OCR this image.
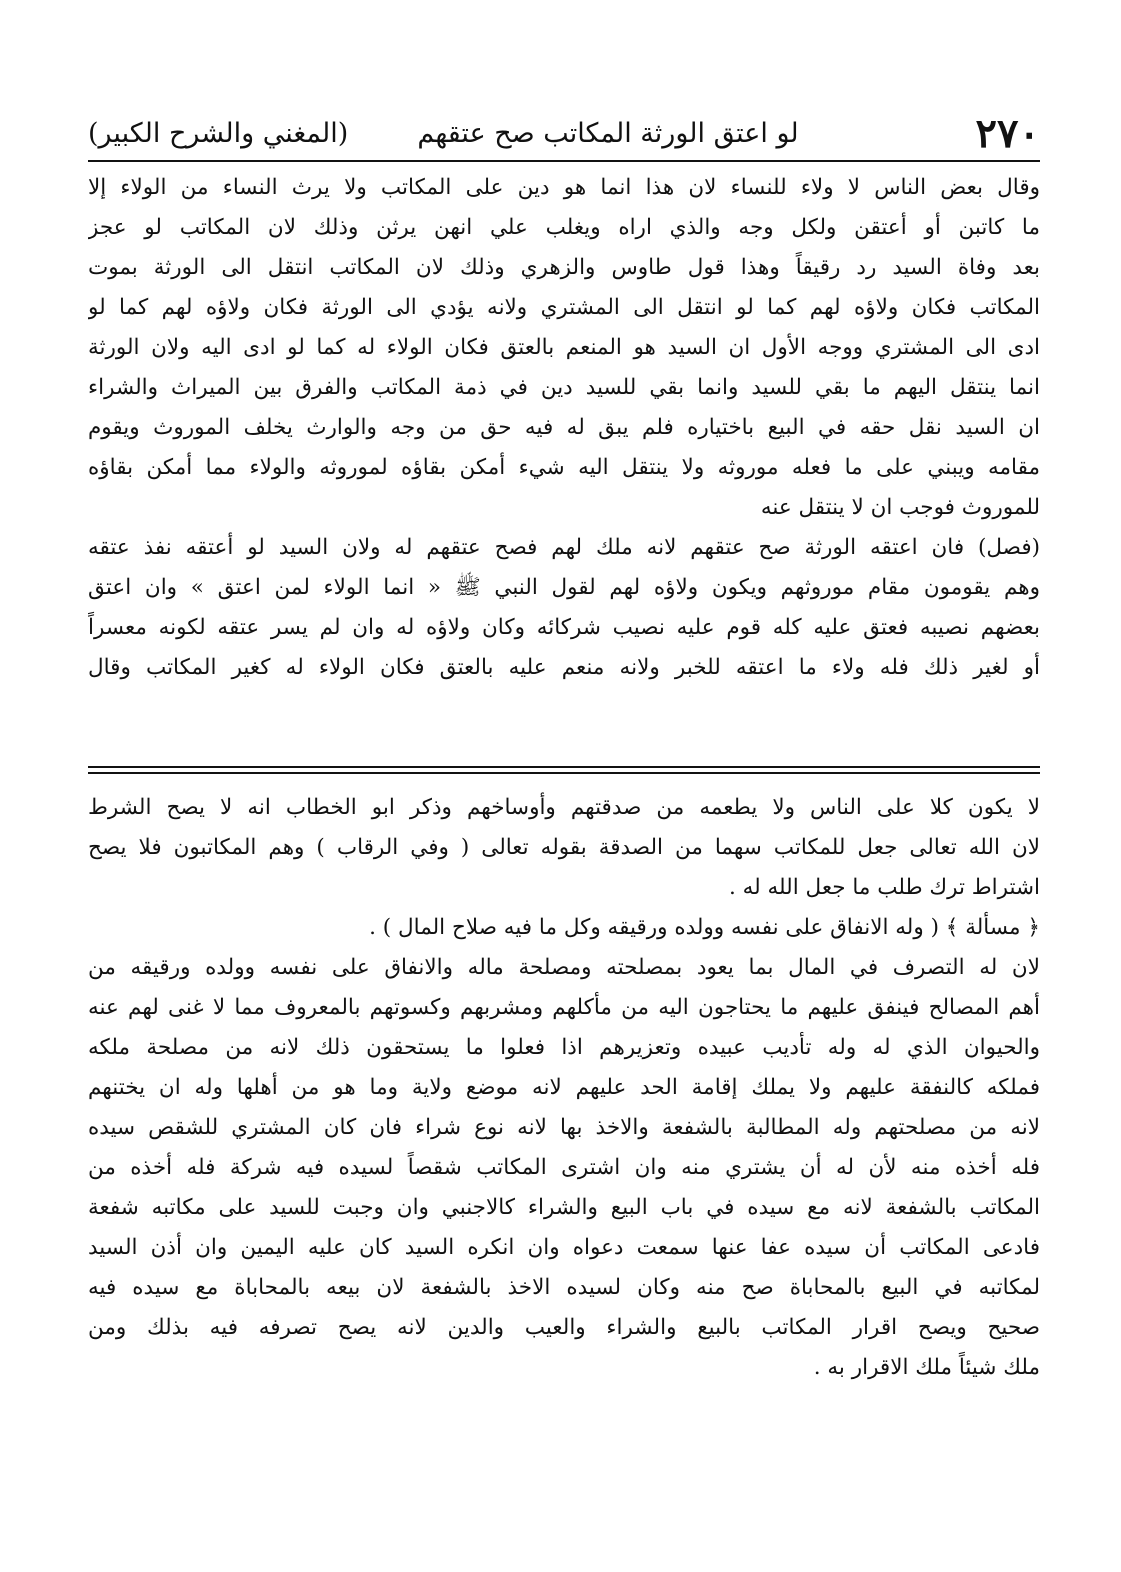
٢٧٠
لو اعتق الورثة المكاتب صح عتقهم
(المغني والشرح الكبير)
وقال بعض الناس لا ولاء للنساء لان هذا انما هو دين على المكاتب ولا يرث النساء من الولاء إلا
ما كاتبن أو أعتقن ولكل وجه والذي اراه ويغلب علي انهن يرثن وذلك لان المكاتب لو عجز
بعد وفاة السيد رد رقيقاً وهذا قول طاوس والزهري وذلك لان المكاتب انتقل الى الورثة بموت
المكاتب فكان ولاؤه لهم كما لو انتقل الى المشتري ولانه يؤدي الى الورثة فكان ولاؤه لهم كما لو
ادى الى المشتري ووجه الأول ان السيد هو المنعم بالعتق فكان الولاء له كما لو ادى اليه ولان الورثة
انما ينتقل اليهم ما بقي للسيد وانما بقي للسيد دين في ذمة المكاتب والفرق بين الميراث والشراء
ان السيد نقل حقه في البيع باختياره فلم يبق له فيه حق من وجه والوارث يخلف الموروث ويقوم
مقامه ويبني على ما فعله موروثه ولا ينتقل اليه شيء أمكن بقاؤه لموروثه والولاء مما أمكن بقاؤه
للموروث فوجب ان لا ينتقل عنه
(فصل) فان اعتقه الورثة صح عتقهم لانه ملك لهم فصح عتقهم له ولان السيد لو أعتقه نفذ عتقه
وهم يقومون مقام موروثهم ويكون ولاؤه لهم لقول النبي ﷺ « انما الولاء لمن اعتق » وان اعتق
بعضهم نصيبه فعتق عليه كله قوم عليه نصيب شركائه وكان ولاؤه له وان لم يسر عتقه لكونه معسراً
أو لغير ذلك فله ولاء ما اعتقه للخبر ولانه منعم عليه بالعتق فكان الولاء له كغير المكاتب وقال
لا يكون كلا على الناس ولا يطعمه من صدقتهم وأوساخهم وذكر ابو الخطاب انه لا يصح الشرط
لان الله تعالى جعل للمكاتب سهما من الصدقة بقوله تعالى ( وفي الرقاب ) وهم المكاتبون فلا يصح
اشتراط ترك طلب ما جعل الله له .
﴿ مسألة ﴾ ( وله الانفاق على نفسه وولده ورقيقه وكل ما فيه صلاح المال ) .
لان له التصرف في المال بما يعود بمصلحته ومصلحة ماله والانفاق على نفسه وولده ورقيقه من
أهم المصالح فينفق عليهم ما يحتاجون اليه من مأكلهم ومشربهم وكسوتهم بالمعروف مما لا غنى لهم عنه
والحيوان الذي له وله تأديب عبيده وتعزيرهم اذا فعلوا ما يستحقون ذلك لانه من مصلحة ملكه
فملكه كالنفقة عليهم ولا يملك إقامة الحد عليهم لانه موضع ولاية وما هو من أهلها وله ان يختنهم
لانه من مصلحتهم وله المطالبة بالشفعة والاخذ بها لانه نوع شراء فان كان المشتري للشقص سيده
فله أخذه منه لأن له أن يشتري منه وان اشترى المكاتب شقصاً لسيده فيه شركة فله أخذه من
المكاتب بالشفعة لانه مع سيده في باب البيع والشراء كالاجنبي وان وجبت للسيد على مكاتبه شفعة
فادعى المكاتب أن سيده عفا عنها سمعت دعواه وان انكره السيد كان عليه اليمين وان أذن السيد
لمكاتبه في البيع بالمحاباة صح منه وكان لسيده الاخذ بالشفعة لان بيعه بالمحاباة مع سيده فيه
صحيح ويصح اقرار المكاتب بالبيع والشراء والعيب والدين لانه يصح تصرفه فيه بذلك ومن
ملك شيئاً ملك الاقرار به .
